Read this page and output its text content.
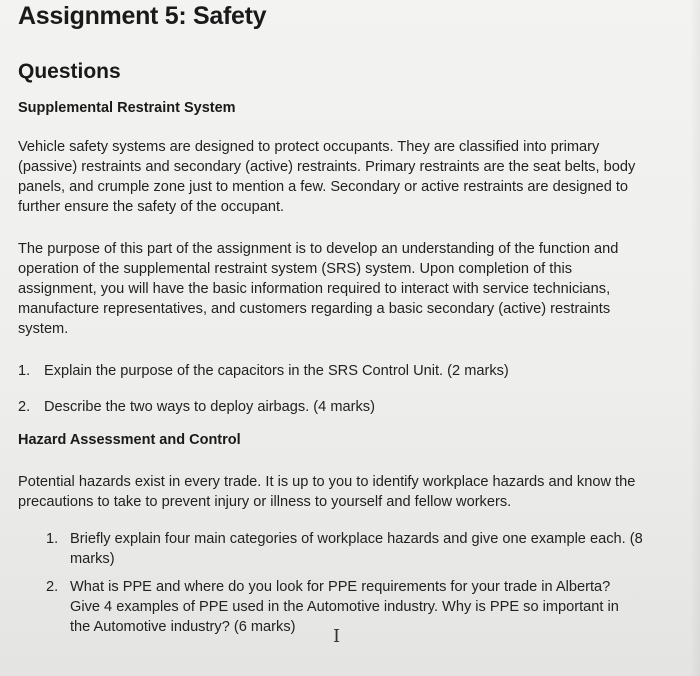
Assignment 5: Safety
Questions
Supplemental Restraint System
Vehicle safety systems are designed to protect occupants. They are classified into primary
(passive) restraints and secondary (active) restraints. Primary restraints are the seat belts, body
panels, and crumple zone just to mention a few. Secondary or active restraints are designed to
further ensure the safety of the occupant.
The purpose of this part of the assignment is to develop an understanding of the function and
operation of the supplemental restraint system (SRS) system. Upon completion of this
assignment, you will have the basic information required to interact with service technicians,
manufacture representatives, and customers regarding a basic secondary (active) restraints
system.
1. Explain the purpose of the capacitors in the SRS Control Unit. (2 marks)
2. Describe the two ways to deploy airbags. (4 marks)
Hazard Assessment and Control
Potential hazards exist in every trade. It is up to you to identify workplace hazards and know the
precautions to take to prevent injury or illness to yourself and fellow workers.
1. Briefly explain four main categories of workplace hazards and give one example each. (8
marks)
2. What is PPE and where do you look for PPE requirements for your trade in Alberta?
Give 4 examples of PPE used in the Automotive industry. Why is PPE so important in
the Automotive industry? (6 marks)	I
